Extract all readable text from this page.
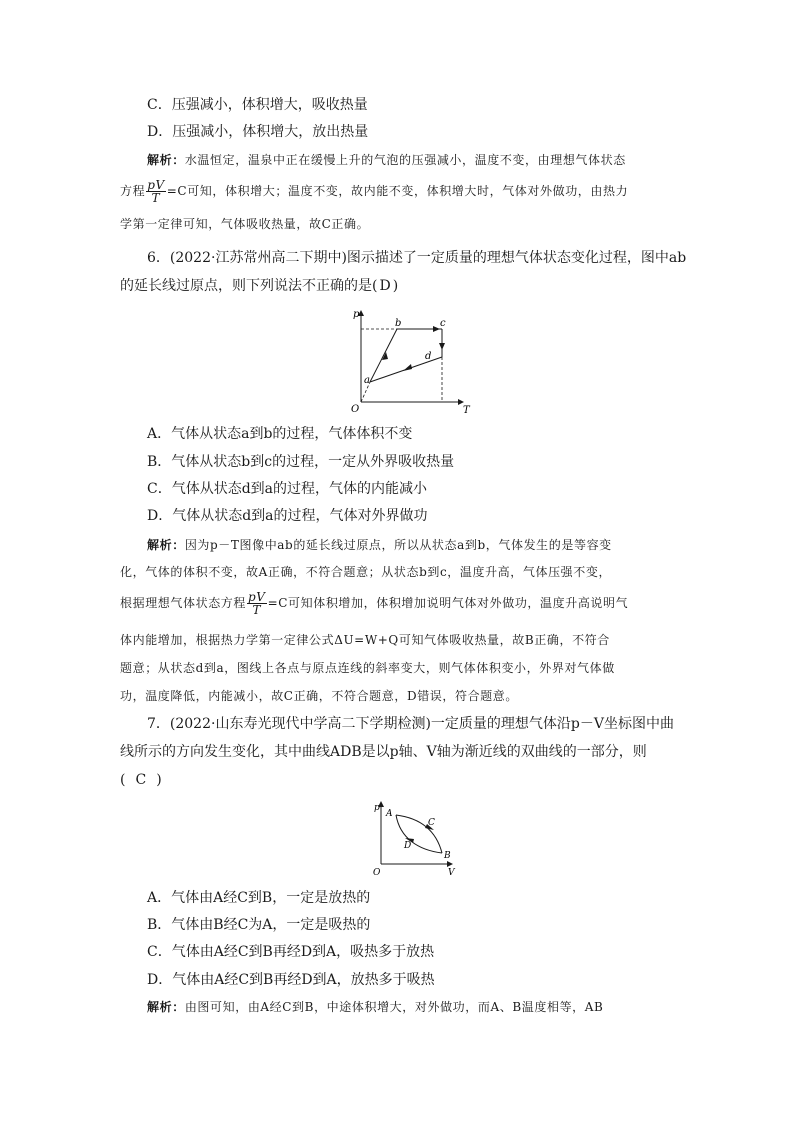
C．压强减小，体积增大，吸收热量
D．压强减小，体积增大，放出热量
解析：水温恒定，温泉中正在缓慢上升的气泡的压强减小，温度不变，由理想气体状态
方程 $\frac{pV}{T} =C$可知，体积增大；温度不变，故内能不变，体积增大时，气体对外做功，由热力
学第一定律可知，气体吸收热量，故C正确。
6．(2022·江苏常州高二下期中)图示描述了一定质量的理想气体状态变化过程，图中ab
的延长线过原点，则下列说法不正确的是( D )
p
T
O
a
b	c
d
A．气体从状态a到b的过程，气体体积不变
B．气体从状态b到c的过程，一定从外界吸收热量
C．气体从状态d到a的过程，气体的内能减小
D．气体从状态d到a的过程，气体对外界做功
解析：因为p－T图像中ab的延长线过原点，所以从状态a到b，气体发生的是等容变
化，气体的体积不变，故A正确，不符合题意；从状态b到c，温度升高，气体压强不变，
根据理想气体状态方程 $\frac{pV}{T} =C$可知体积增加，体积增加说明气体对外做功，温度升高说明气
体内能增加，根据热力学第一定律公式ΔU=W+Q可知气体吸收热量，故B正确，不符合
题意；从状态d到a，图线上各点与原点连线的斜率变大，则气体体积变小，外界对气体做
功，温度降低，内能减小，故C正确，不符合题意，D错误，符合题意。
7．(2022·山东寿光现代中学高二下学期检测)一定质量的理想气体沿p－V坐标图中曲
线所示的方向发生变化，其中曲线ADB是以p轴、V轴为渐近线的双曲线的一部分，则
( C )
p
V
O
A
B
C
D
A．气体由A经C到B，一定是放热的
B．气体由B经C为A，一定是吸热的
C．气体由A经C到B再经D到A，吸热多于放热
D．气体由A经C到B再经D到A，放热多于吸热
解析：由图可知，由A经C到B，中途体积增大，对外做功，而A、B温度相等，AB
